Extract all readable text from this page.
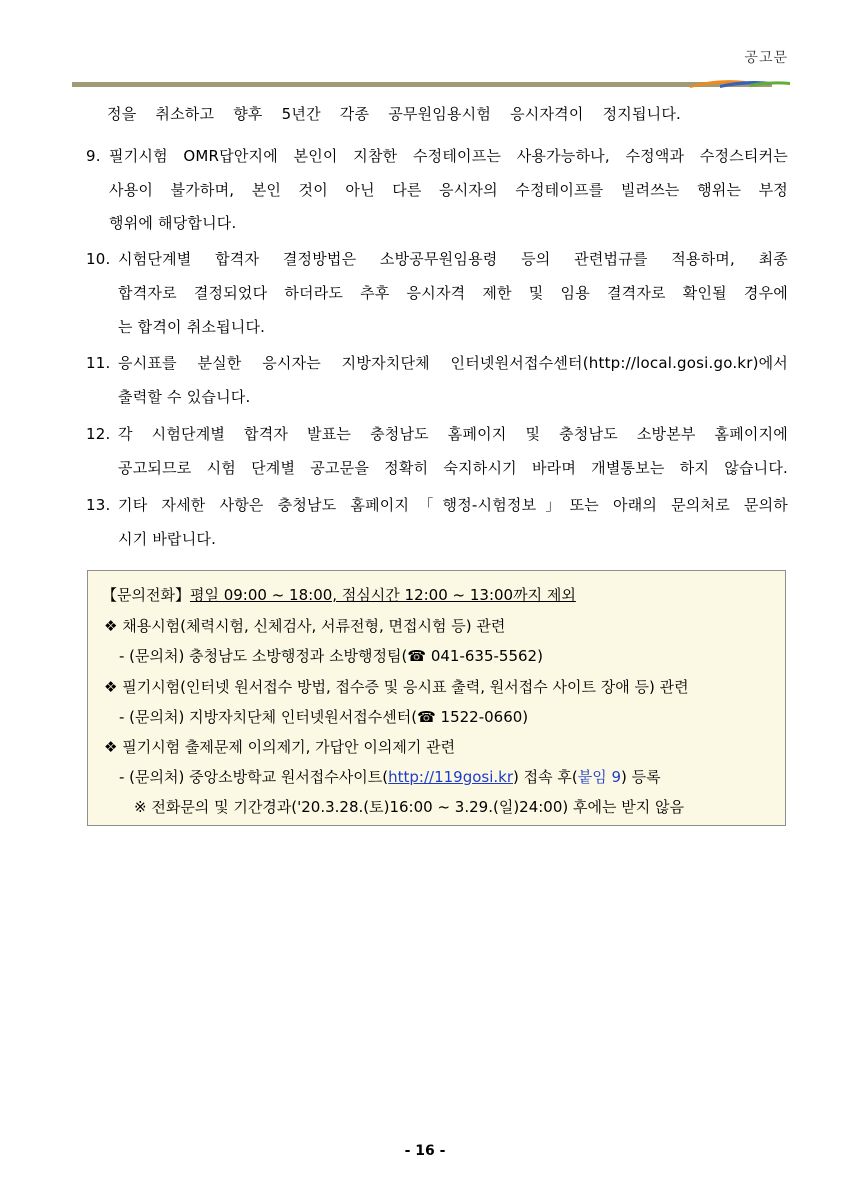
공고문
정을 취소하고 향후 5년간 각종 공무원임용시험 응시자격이 정지됩니다.
9. 필기시험 OMR답안지에 본인이 지참한 수정테이프는 사용가능하나, 수정액과 수정스티커는
사용이 불가하며, 본인 것이 아닌 다른 응시자의 수정테이프를 빌려쓰는 행위는 부정
행위에 해당합니다.
10. 시험단계별 합격자 결정방법은 소방공무원임용령 등의 관련법규를 적용하며, 최종
합격자로 결정되었다 하더라도 추후 응시자격 제한 및 임용 결격자로 확인될 경우에
는 합격이 취소됩니다.
11. 응시표를 분실한 응시자는 지방자치단체 인터넷원서접수센터(http://local.gosi.go.kr)에서
출력할 수 있습니다.
12. 각 시험단계별 합격자 발표는 충청남도 홈페이지 및 충청남도 소방본부 홈페이지에
공고되므로 시험 단계별 공고문을 정확히 숙지하시기 바라며 개별통보는 하지 않습니다.
13. 기타 자세한 사항은 충청남도 홈페이지「행정-시험정보」또는 아래의 문의처로 문의하
시기 바랍니다.
【문의전화】평일 09:00 ~ 18:00, 점심시간 12:00 ~ 13:00까지 제외
❖ 채용시험(체력시험, 신체검사, 서류전형, 면접시험 등) 관련
- (문의처) 충청남도 소방행정과 소방행정팀(☎ 041-635-5562)
❖ 필기시험(인터넷 원서접수 방법, 접수증 및 응시표 출력, 원서접수 사이트 장애 등) 관련
- (문의처) 지방자치단체 인터넷원서접수센터(☎ 1522-0660)
❖ 필기시험 출제문제 이의제기, 가답안 이의제기 관련
- (문의처) 중앙소방학교 원서접수사이트(http://119gosi.kr) 접속 후(붙임 9) 등록
※ 전화문의 및 기간경과('20.3.28.(토)16:00 ~ 3.29.(일)24:00) 후에는 받지 않음
- 16 -
